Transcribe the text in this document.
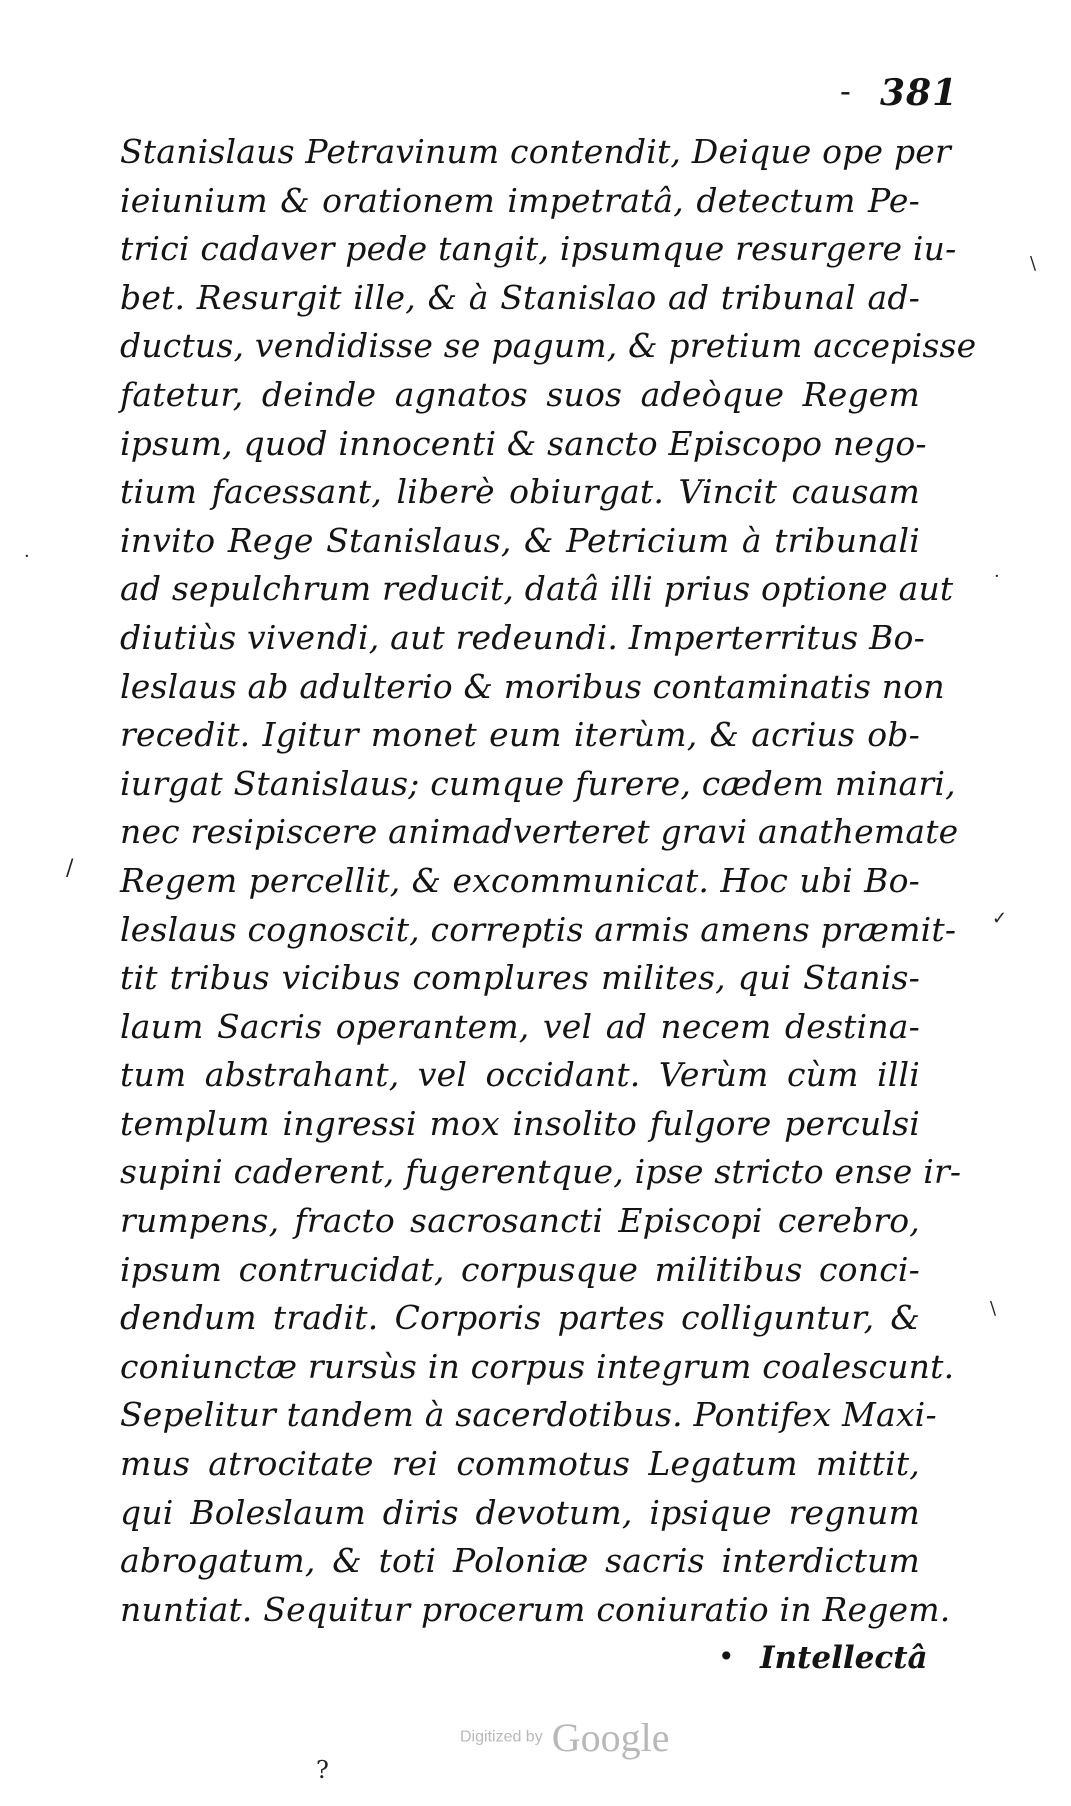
- 381
Stanislaus Petravinum contendit, Deique ope per
ieiunium & orationem impetratâ, detectum Pe-
trici cadaver pede tangit, ipsumque resurgere iu-
bet. Resurgit ille, & à Stanislao ad tribunal ad-
ductus, vendidisse se pagum, & pretium accepisse
fatetur, deinde agnatos suos adeòque Regem
ipsum, quod innocenti & sancto Episcopo nego-
tium facessant, liberè obiurgat. Vincit causam
invito Rege Stanislaus, & Petricium à tribunali
ad sepulchrum reducit, datâ illi prius optione aut
diutiùs vivendi, aut redeundi. Imperterritus Bo-
leslaus ab adulterio & moribus contaminatis non
recedit. Igitur monet eum iterùm, & acrius ob-
iurgat Stanislaus; cumque furere, cædem minari,
nec resipiscere animadverteret gravi anathemate
Regem percellit, & excommunicat. Hoc ubi Bo-
leslaus cognoscit, correptis armis amens præmit-
tit tribus vicibus complures milites, qui Stanis-
laum Sacris operantem, vel ad necem destina-
tum abstrahant, vel occidant. Verùm cùm illi
templum ingressi mox insolito fulgore perculsi
supini caderent, fugerentque, ipse stricto ense ir-
rumpens, fracto sacrosancti Episcopi cerebro,
ipsum contrucidat, corpusque militibus conci-
dendum tradit. Corporis partes colliguntur, &
coniunctæ rursùs in corpus integrum coalescunt.
Sepelitur tandem à sacerdotibus. Pontifex Maxi-
mus atrocitate rei commotus Legatum mittit,
qui Boleslaum diris devotum, ipsique regnum
abrogatum, & toti Poloniæ sacris interdictum
nuntiat. Sequitur procerum coniuratio in Regem.
• Intellectâ
Digitized by Google
?
·
·
\
/
✓
\
